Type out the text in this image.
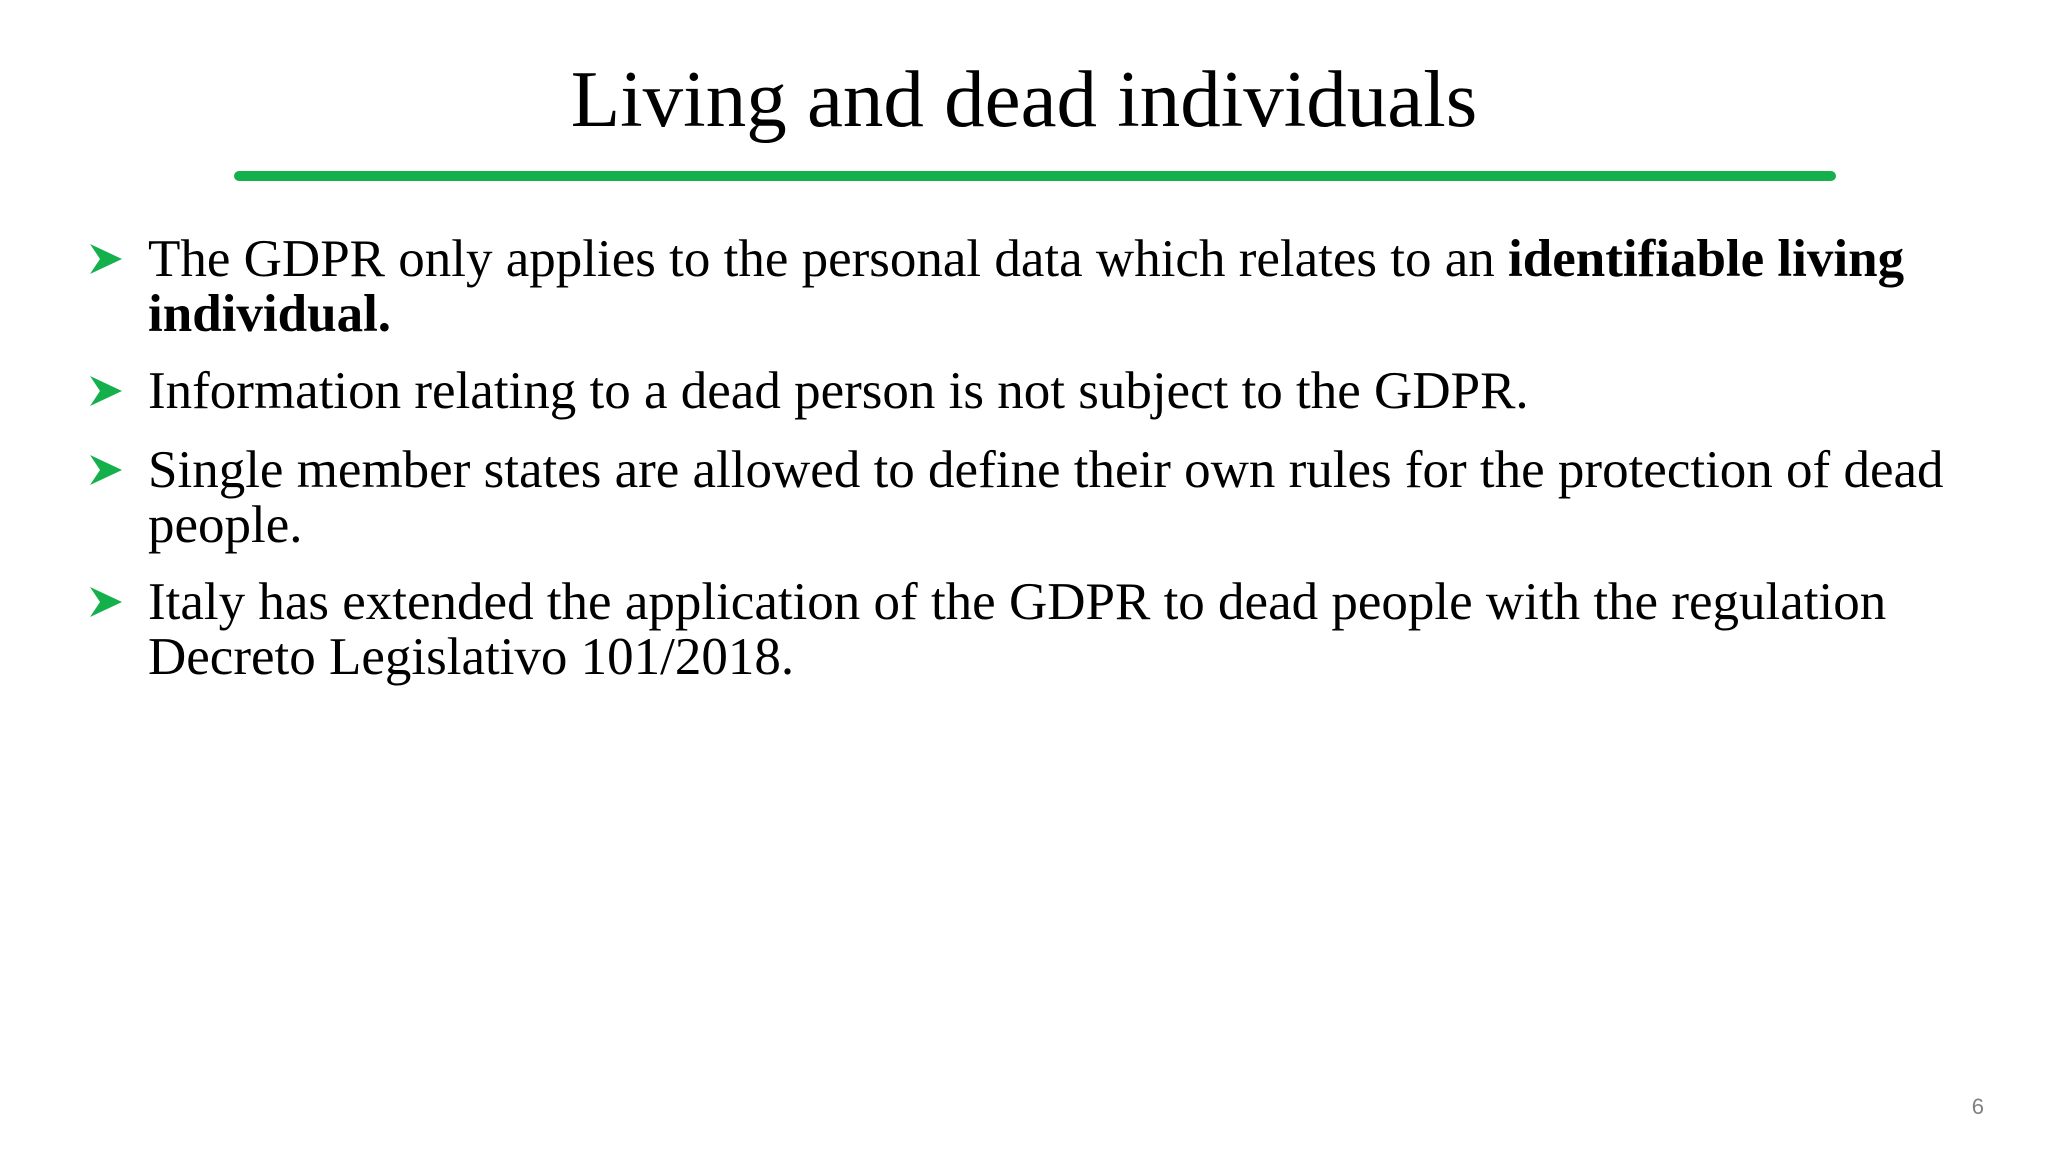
Living and dead individuals
The GDPR only applies to the personal data which relates to an identifiable living individual.
Information relating to a dead person is not subject to the GDPR.
Single member states are allowed to define their own rules for the protection of dead people.
Italy has extended the application of the GDPR to dead people with the regulation Decreto Legislativo 101/2018.
6
